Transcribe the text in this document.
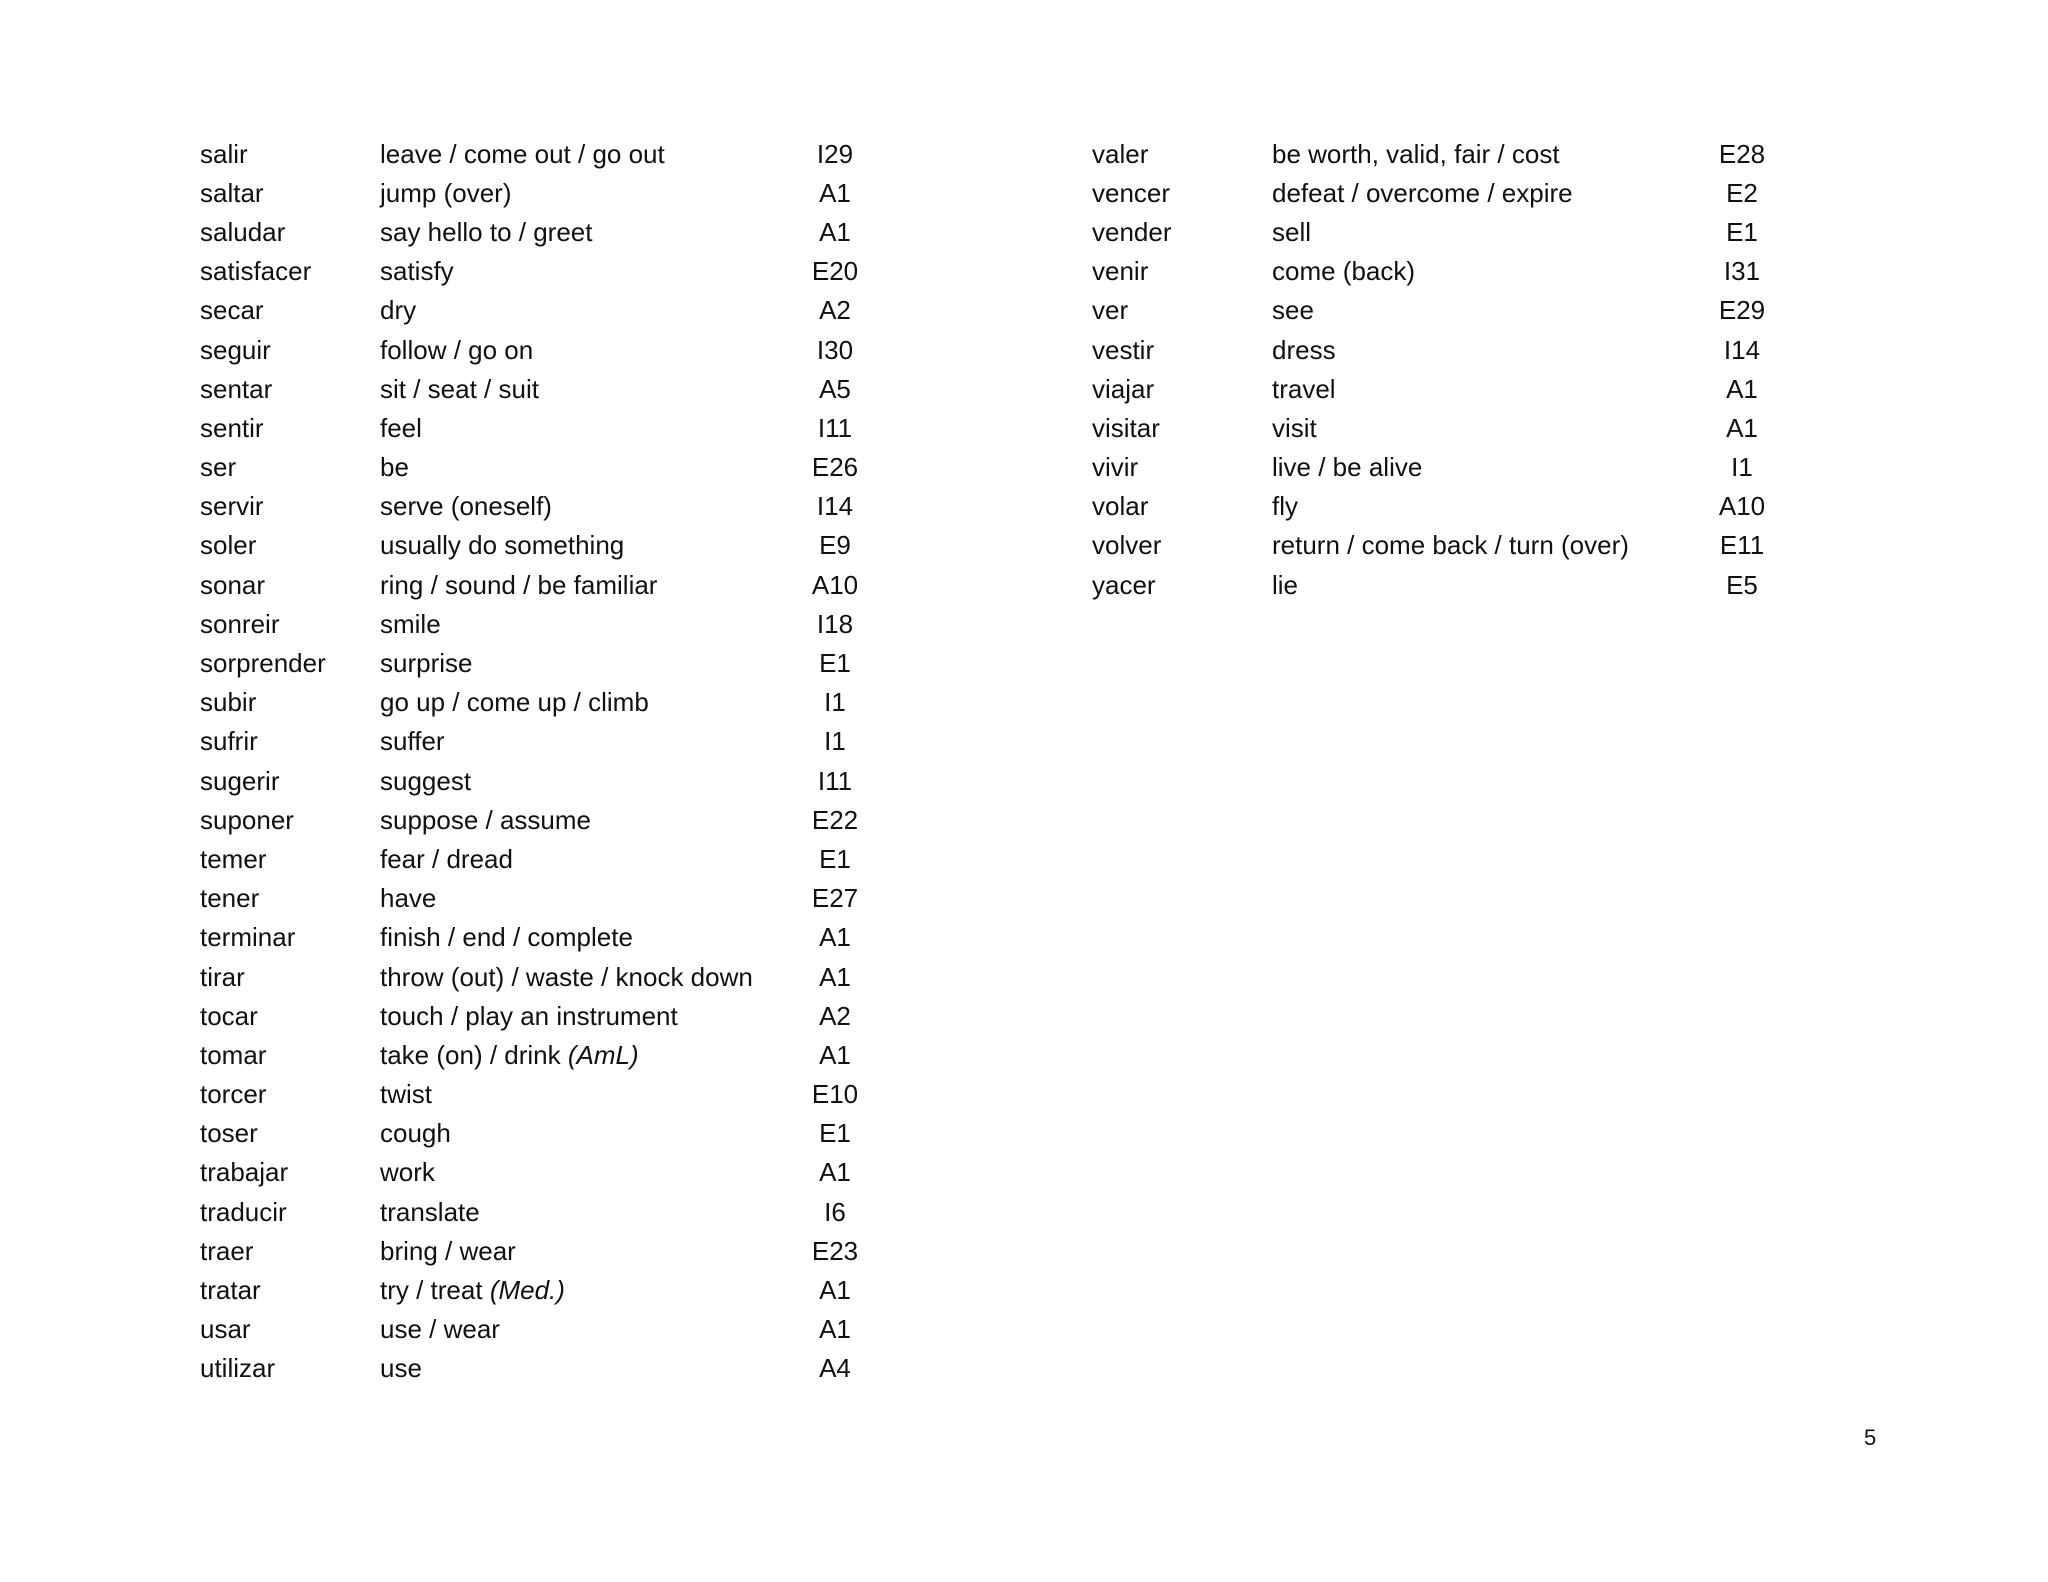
salir	leave / come out / go out	I29
saltar	jump (over)	A1
saludar	say hello to / greet	A1
satisfacer	satisfy	E20
secar	dry	A2
seguir	follow / go on	I30
sentar	sit / seat / suit	A5
sentir	feel	I11
ser	be	E26
servir	serve (oneself)	I14
soler	usually do something	E9
sonar	ring / sound / be familiar	A10
sonreir	smile	I18
sorprender	surprise	E1
subir	go up / come up / climb	I1
sufrir	suffer	I1
sugerir	suggest	I11
suponer	suppose / assume	E22
temer	fear / dread	E1
tener	have	E27
terminar	finish / end / complete	A1
tirar	throw (out) / waste / knock down	A1
tocar	touch / play an instrument	A2
tomar	take (on) / drink (AmL)	A1
torcer	twist	E10
toser	cough	E1
trabajar	work	A1
traducir	translate	I6
traer	bring / wear	E23
tratar	try / treat (Med.)	A1
usar	use / wear	A1
utilizar	use	A4
valer	be worth, valid, fair / cost	E28
vencer	defeat / overcome / expire	E2
vender	sell	E1
venir	come (back)	I31
ver	see	E29
vestir	dress	I14
viajar	travel	A1
visitar	visit	A1
vivir	live / be alive	I1
volar	fly	A10
volver	return / come back / turn (over)	E11
yacer	lie	E5
5
